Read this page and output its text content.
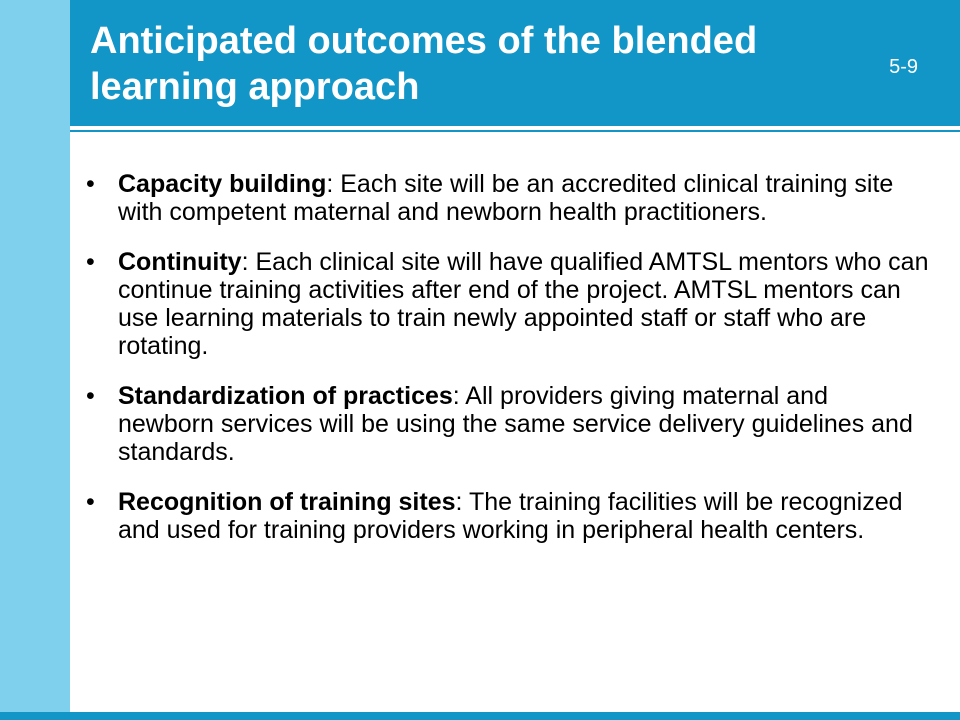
Anticipated outcomes of the blended learning approach	5-9
• Capacity building: Each site will be an accredited clinical training site with competent maternal and newborn health practitioners.
• Continuity: Each clinical site will have qualified AMTSL mentors who can continue training activities after end of the project. AMTSL mentors can use learning materials to train newly appointed staff or staff who are rotating.
• Standardization of practices: All providers giving maternal and newborn services will be using the same service delivery guidelines and standards.
• Recognition of training sites: The training facilities will be recognized and used for training providers working in peripheral health centers.
